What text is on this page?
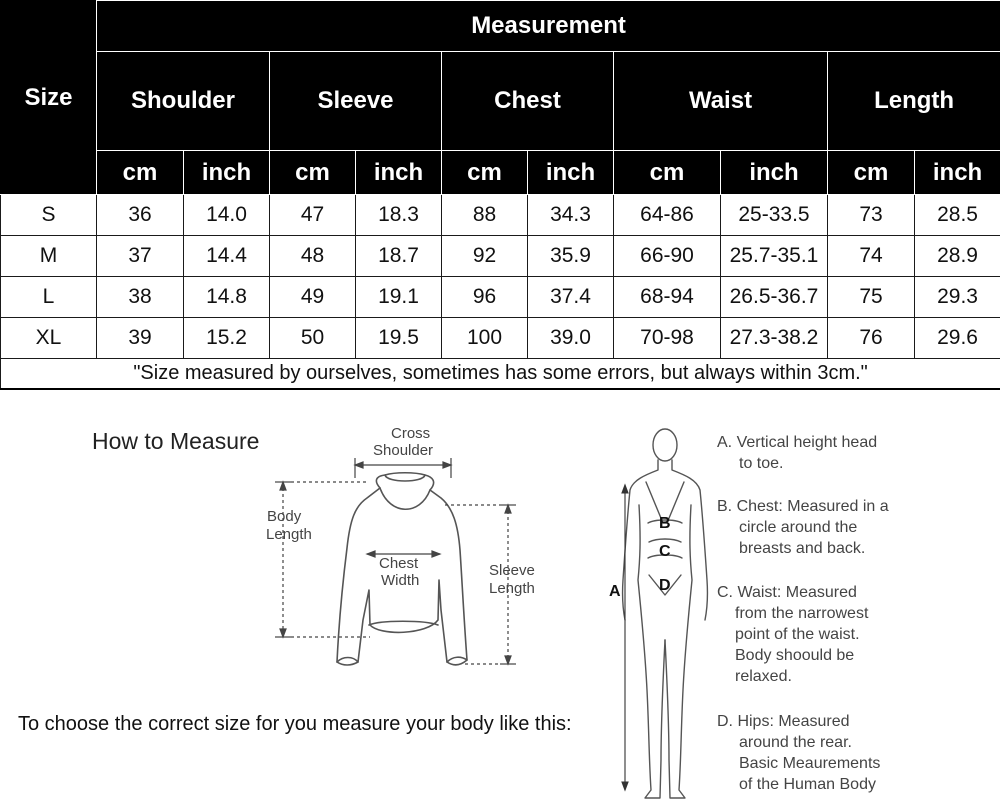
Size	Measurement									
	Shoulder		Sleeve		Chest		Waist		Length	
	cm	inch	cm	inch	cm	inch	cm	inch	cm	inch
S	36	14.0	47	18.3	88	34.3	64-86	25-33.5	73	28.5
M	37	14.4	48	18.7	92	35.9	66-90	25.7-35.1	74	28.9
L	38	14.8	49	19.1	96	37.4	68-94	26.5-36.7	75	29.3
XL	39	15.2	50	19.5	100	39.0	70-98	27.3-38.2	76	29.6
"Size measured by ourselves, sometimes has some errors, but always within 3cm."										
How to Measure	Cross
Shoulder
Body
Length
Chest
Width
Sleeve
Length	A
B
C
D
A. Vertical height head
to toe.
B. Chest: Measured in a
circle around the
breasts and back.
C. Waist: Measured
from the narrowest
point of the waist.
Body shoould be
relaxed.
D. Hips: Measured
around the rear.
Basic Meaurements
of the Human Body
To choose the correct size for you measure your body like this:
